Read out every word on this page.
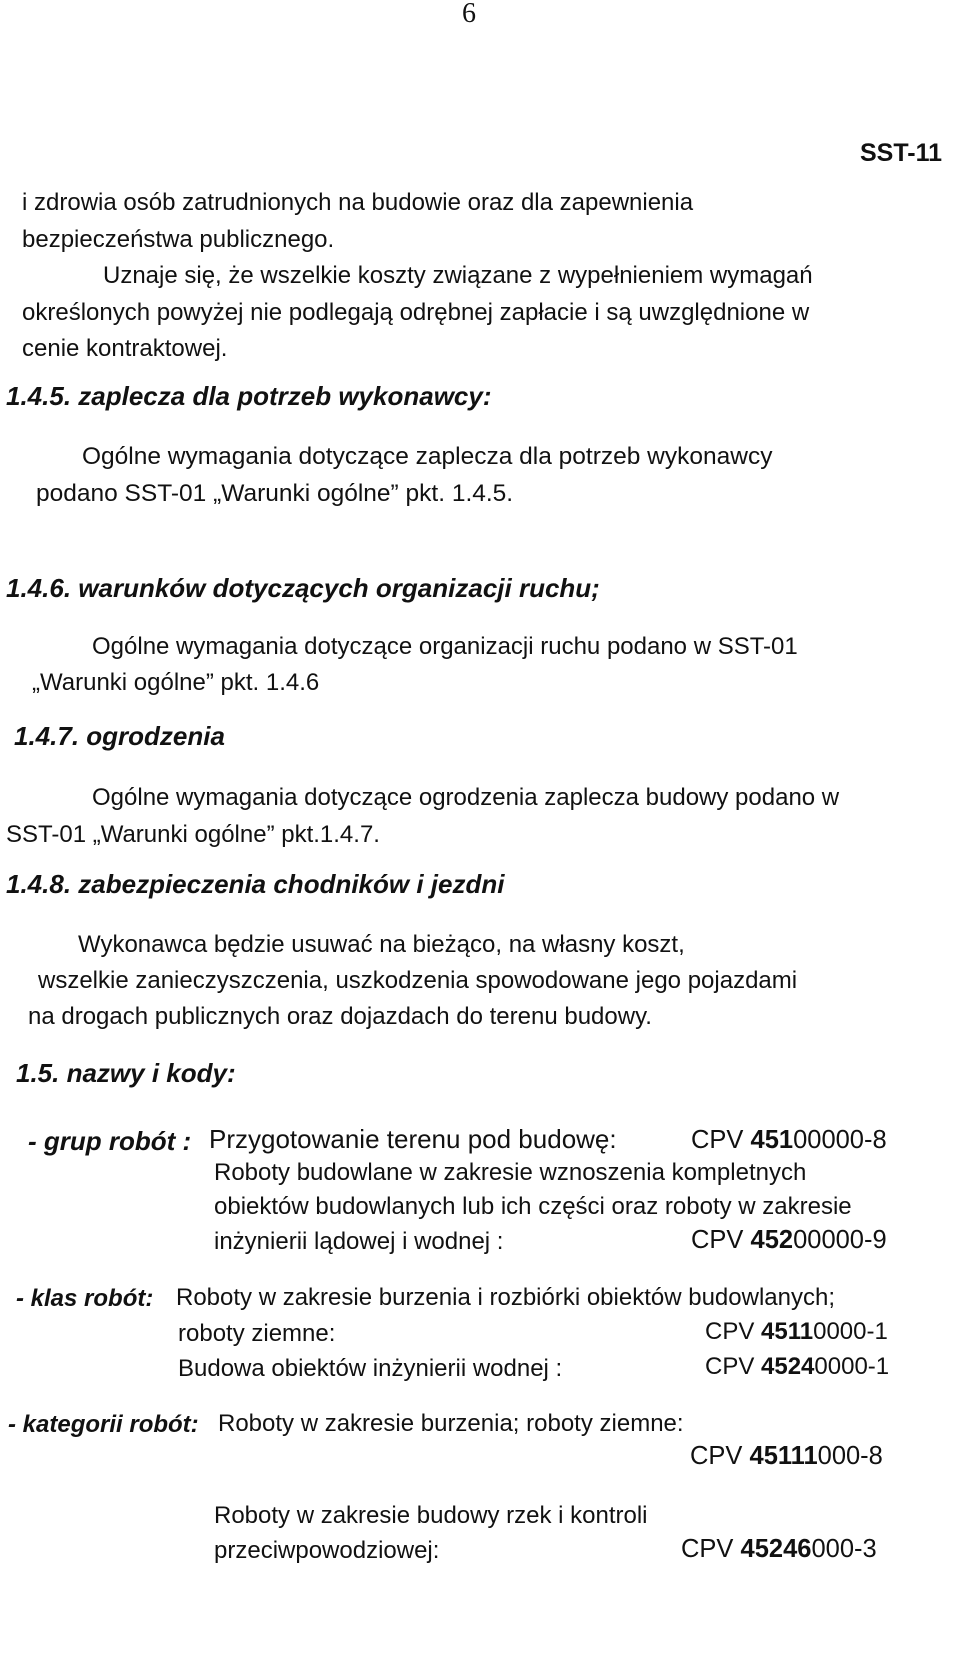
6
SST-11
i zdrowia osób zatrudnionych na budowie oraz dla zapewnienia
bezpieczeństwa publicznego.
Uznaje się, że wszelkie koszty związane z wypełnieniem wymagań
określonych powyżej nie podlegają odrębnej zapłacie i są uwzględnione w
cenie kontraktowej.
1.4.5. zaplecza dla potrzeb wykonawcy:
Ogólne wymagania dotyczące zaplecza dla potrzeb wykonawcy
podano SST-01 „Warunki ogólne” pkt. 1.4.5.
1.4.6. warunków dotyczących organizacji ruchu;
Ogólne wymagania dotyczące organizacji ruchu podano w SST-01
„Warunki ogólne” pkt. 1.4.6
1.4.7. ogrodzenia
Ogólne wymagania dotyczące ogrodzenia zaplecza budowy podano w
SST-01 „Warunki ogólne” pkt.1.4.7.
1.4.8. zabezpieczenia chodników i jezdni
Wykonawca będzie usuwać na bieżąco, na własny koszt,
wszelkie zanieczyszczenia, uszkodzenia spowodowane jego pojazdami
na drogach publicznych oraz dojazdach do terenu budowy.
1.5. nazwy i kody:
- grup robót : Przygotowanie terenu pod budowę:	CPV 45100000-8
Roboty budowlane w zakresie wznoszenia kompletnych
obiektów budowlanych lub ich części oraz roboty w zakresie
inżynierii lądowej i wodnej :	CPV 45200000-9
- klas robót: Roboty w zakresie burzenia i rozbiórki obiektów budowlanych;
roboty ziemne:	CPV 45110000-1
Budowa obiektów inżynierii wodnej :	CPV 45240000-1
- kategorii robót: Roboty w zakresie burzenia; roboty ziemne:
CPV 45111000-8
Roboty w zakresie budowy rzek i kontroli
przeciwpowodziowej:	CPV 45246000-3
